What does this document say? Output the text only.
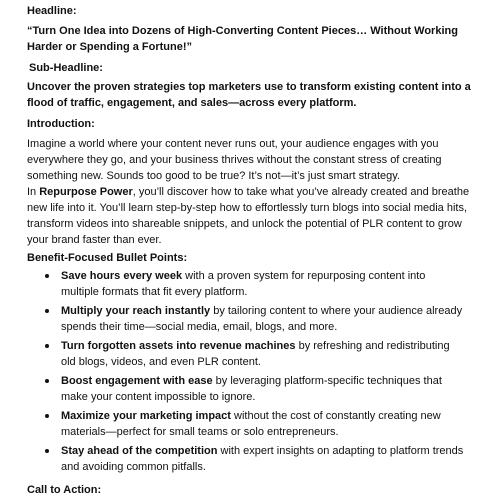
Headline:

“Turn One Idea into Dozens of High-Converting Content Pieces… Without Working Harder or Spending a Fortune!”

Sub-Headline:

Uncover the proven strategies top marketers use to transform existing content into a flood of traffic, engagement, and sales—across every platform.

Introduction:

Imagine a world where your content never runs out, your audience engages with you everywhere they go, and your business thrives without the constant stress of creating something new. Sounds too good to be true? It’s not—it’s just smart strategy.

In Repurpose Power, you’ll discover how to take what you’ve already created and breathe new life into it. You’ll learn step-by-step how to effortlessly turn blogs into social media hits, transform videos into shareable snippets, and unlock the potential of PLR content to grow your brand faster than ever.

Benefit-Focused Bullet Points:
Save hours every week with a proven system for repurposing content into multiple formats that fit every platform.
Multiply your reach instantly by tailoring content to where your audience already spends their time—social media, email, blogs, and more.
Turn forgotten assets into revenue machines by refreshing and redistributing old blogs, videos, and even PLR content.
Boost engagement with ease by leveraging platform-specific techniques that make your content impossible to ignore.
Maximize your marketing impact without the cost of constantly creating new materials—perfect for small teams or solo entrepreneurs.
Stay ahead of the competition with expert insights on adapting to platform trends and avoiding common pitfalls.
Call to Action:
